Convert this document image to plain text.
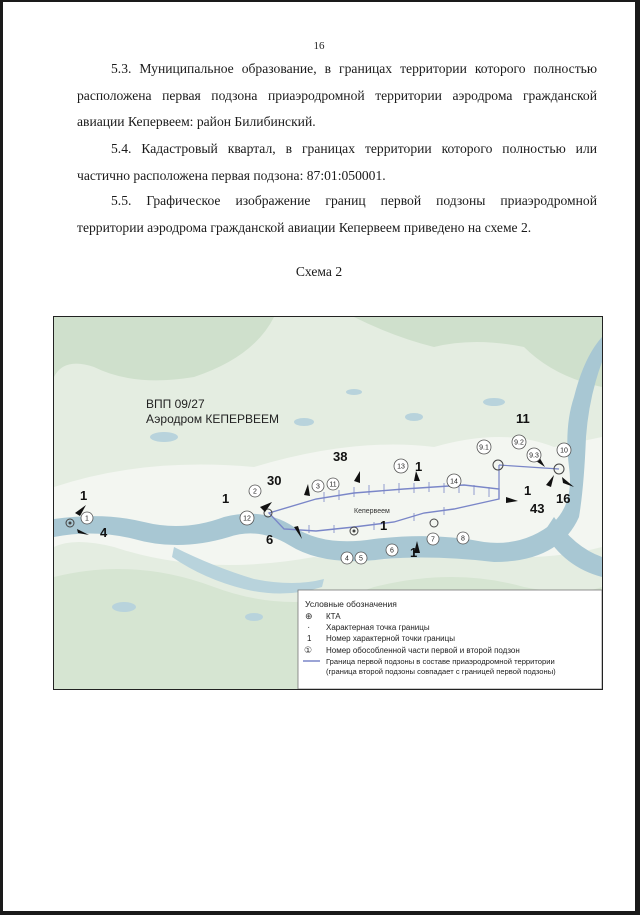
16

5.3. Муниципальное образование, в границах территории которого полностью расположена первая подзона приаэродромной территории аэродрома гражданской авиации Кепервеем: район Билибинский.

5.4. Кадастровый квартал, в границах территории которого полностью или частично расположена первая подзона: 87:01:050001.

5.5. Графическое изображение границ первой подзоны приаэродромной территории аэродрома гражданской авиации Кепервеем приведено на схеме 2.

Схема 2
ВПП 09/27
Аэродром КЕПЕРВЕЕМ
Кепервеем
1
4
1
30
6
38
1
1
1
11
1
43
16
1
2
12
3 11
13
14
4 5
6
7	8
9.1
9.2
9.3
10
Условные обозначения
⊕ КТА
· Характерная точка границы
1 Номер характерной точки границы
① Номер обособленной части первой и второй подзон
Граница первой подзоны в составе приаэродромной территории (граница второй подзоны совпадает с границей первой подзоны)
